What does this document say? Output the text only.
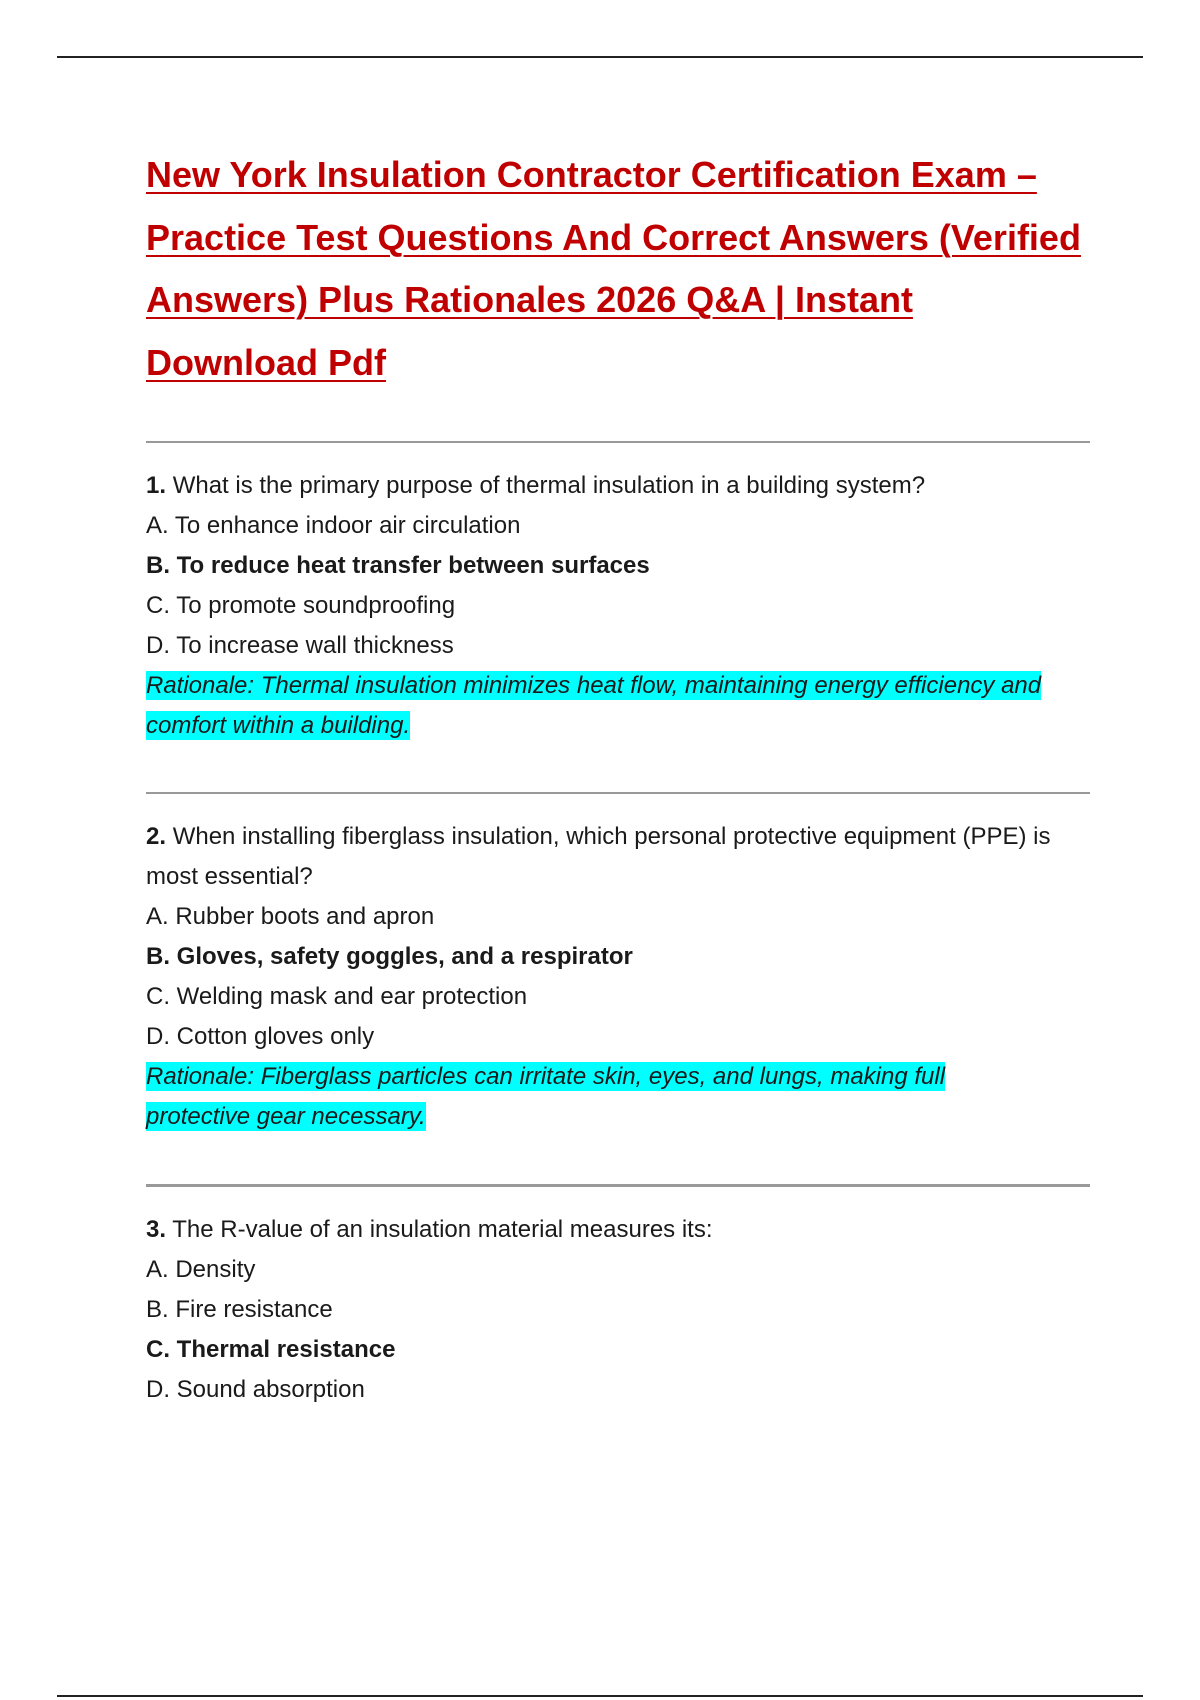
New York Insulation Contractor Certification Exam – Practice Test Questions And Correct Answers (Verified Answers) Plus Rationales 2026 Q&A | Instant Download Pdf
1. What is the primary purpose of thermal insulation in a building system?
A. To enhance indoor air circulation
B. To reduce heat transfer between surfaces
C. To promote soundproofing
D. To increase wall thickness
Rationale: Thermal insulation minimizes heat flow, maintaining energy efficiency and comfort within a building.
2. When installing fiberglass insulation, which personal protective equipment (PPE) is most essential?
A. Rubber boots and apron
B. Gloves, safety goggles, and a respirator
C. Welding mask and ear protection
D. Cotton gloves only
Rationale: Fiberglass particles can irritate skin, eyes, and lungs, making full protective gear necessary.
3. The R-value of an insulation material measures its:
A. Density
B. Fire resistance
C. Thermal resistance
D. Sound absorption
